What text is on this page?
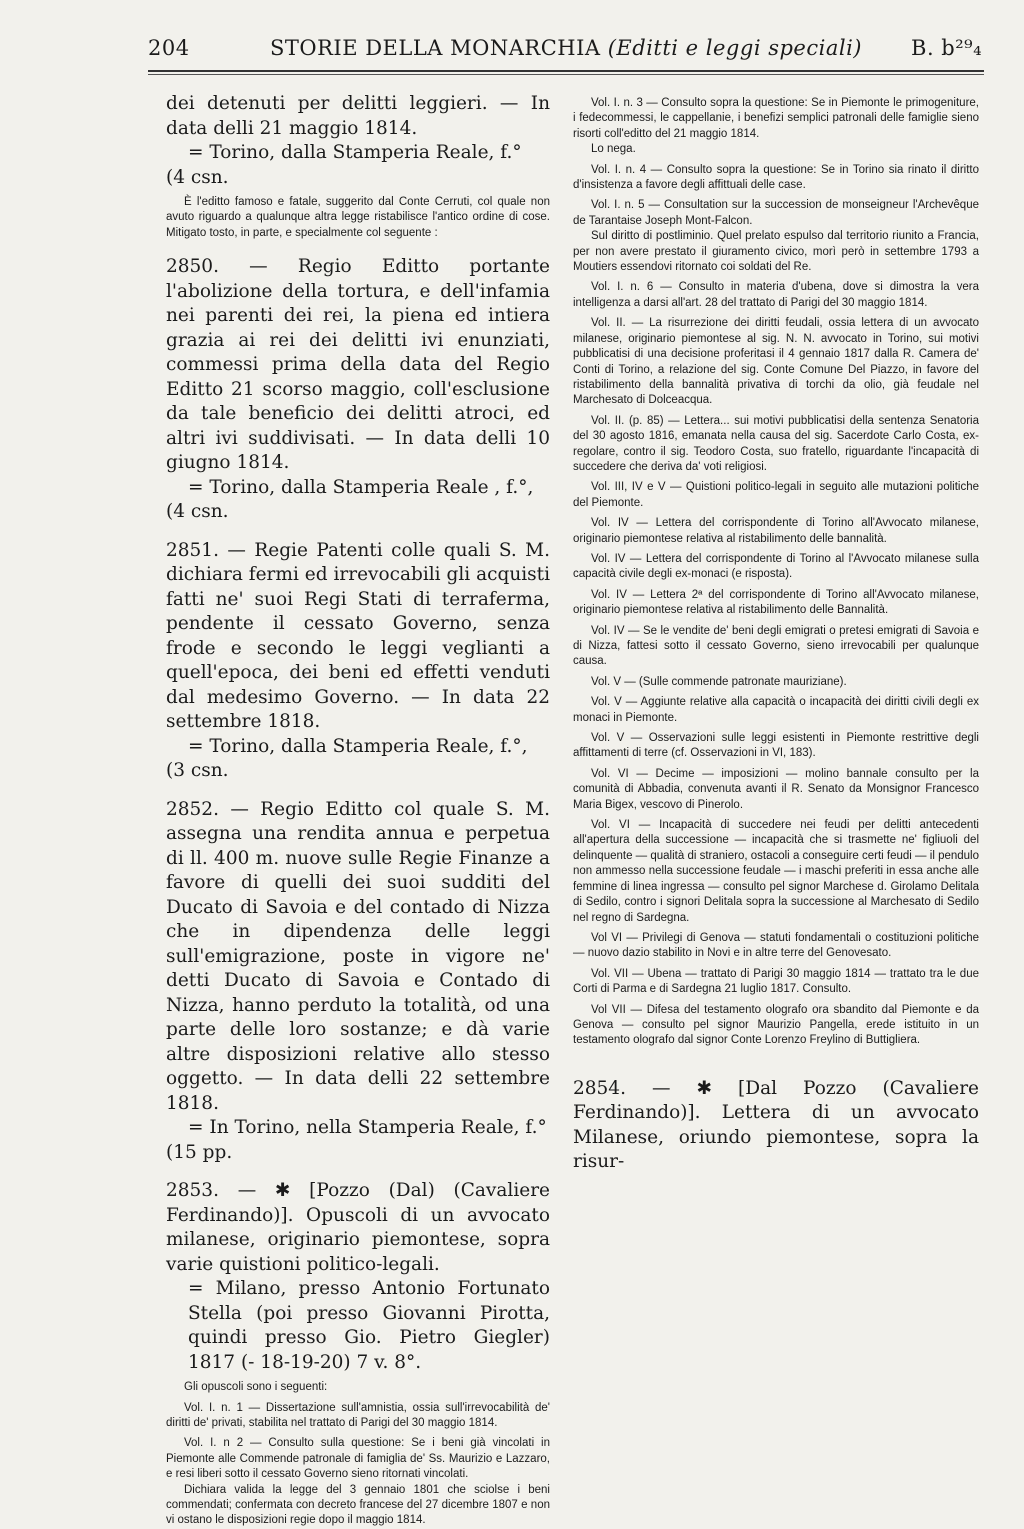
204	STORIE DELLA MONARCHIA (Editti e leggi speciali) B. b²⁹₄

dei detenuti per delitti leggieri. — In data delli 21 maggio 1814.

= Torino, dalla Stamperia Reale, f.°

(4 csn.

È l'editto famoso e fatale, suggerito dal Conte Cerruti, col quale non avuto riguardo a qualunque altra legge ristabilisce l'antico ordine di cose. Mitigato tosto, in parte, e specialmente col seguente :

2850. — Regio Editto portante l'abolizione della tortura, e dell'infamia nei parenti dei rei, la piena ed intiera grazia ai rei dei delitti ivi enunziati, commessi prima della data del Regio Editto 21 scorso maggio, coll'esclusione da tale beneficio dei delitti atroci, ed altri ivi suddivisati. — In data delli 10 giugno 1814.

= Torino, dalla Stamperia Reale , f.°,

(4 csn.

2851. — Regie Patenti colle quali S. M. dichiara fermi ed irrevocabili gli acquisti fatti ne' suoi Regi Stati di terraferma, pendente il cessato Governo, senza frode e secondo le leggi veglianti a quell'epoca, dei beni ed effetti venduti dal medesimo Governo. — In data 22 settembre 1818.

= Torino, dalla Stamperia Reale, f.°,

(3 csn.

2852. — Regio Editto col quale S. M. assegna una rendita annua e perpetua di ll. 400 m. nuove sulle Regie Finanze a favore di quelli dei suoi sudditi del Ducato di Savoia e del contado di Nizza che in dipendenza delle leggi sull'emigrazione, poste in vigore ne' detti Ducato di Savoia e Contado di Nizza, hanno perduto la totalità, od una parte delle loro sostanze; e dà varie altre disposizioni relative allo stesso oggetto. — In data delli 22 settembre 1818.

= In Torino, nella Stamperia Reale, f.°

(15 pp.

2853. — ✱ [Pozzo (Dal) (Cavaliere Ferdinando)]. Opuscoli di un avvocato milanese, originario piemontese, sopra varie quistioni politico-legali.

= Milano, presso Antonio Fortunato Stella (poi presso Giovanni Pirotta, quindi presso Gio. Pietro Giegler) 1817 (- 18-19-20) 7 v. 8°.

Gli opuscoli sono i seguenti:

Vol. I. n. 1 — Dissertazione sull'amnistia, ossia sull'irrevocabilità de' diritti de' privati, stabilita nel trattato di Parigi del 30 maggio 1814.

Vol. I. n 2 — Consulto sulla questione: Se i beni già vincolati in Piemonte alle Commende patronale di famiglia de' Ss. Maurizio e Lazzaro, e resi liberi sotto il cessato Governo sieno ritornati vincolati.

Dichiara valida la legge del 3 gennaio 1801 che sciolse i beni commendati; confermata con decreto francese del 27 dicembre 1807 e non vi ostano le disposizioni regie dopo il maggio 1814.

Vol. I. n. 3 — Consulto sopra la questione: Se in Piemonte le primogeniture, i fedecommessi, le cappellanie, i benefizi semplici patronali delle famiglie sieno risorti coll'editto del 21 maggio 1814.

Lo nega.

Vol. I. n. 4 — Consulto sopra la questione: Se in Torino sia rinato il diritto d'insistenza a favore degli affittuali delle case.

Vol. I. n. 5 — Consultation sur la succession de monseigneur l'Archevêque de Tarantaise Joseph Mont-Falcon.

Sul diritto di postliminio. Quel prelato espulso dal territorio riunito a Francia, per non avere prestato il giuramento civico, morì però in settembre 1793 a Moutiers essendovi ritornato coi soldati del Re.

Vol. I. n. 6 — Consulto in materia d'ubena, dove si dimostra la vera intelligenza a darsi all'art. 28 del trattato di Parigi del 30 maggio 1814.

Vol. II. — La risurrezione dei diritti feudali, ossia lettera di un avvocato milanese, originario piemontese al sig. N. N. avvocato in Torino, sui motivi pubblicatisi di una decisione proferitasi il 4 gennaio 1817 dalla R. Camera de' Conti di Torino, a relazione del sig. Conte Comune Del Piazzo, in favore del ristabilimento della bannalità privativa di torchi da olio, già feudale nel Marchesato di Dolceacqua.

Vol. II. (p. 85) — Lettera... sui motivi pubblicatisi della sentenza Senatoria del 30 agosto 1816, emanata nella causa del sig. Sacerdote Carlo Costa, ex-regolare, contro il sig. Teodoro Costa, suo fratello, riguardante l'incapacità di succedere che deriva da' voti religiosi.

Vol. III, IV e V — Quistioni politico-legali in seguito alle mutazioni politiche del Piemonte.

Vol. IV — Lettera del corrispondente di Torino all'Avvocato milanese, originario piemontese relativa al ristabilimento delle bannalità.

Vol. IV — Lettera del corrispondente di Torino al l'Avvocato milanese sulla capacità civile degli ex-monaci (e risposta).

Vol. IV — Lettera 2ª del corrispondente di Torino all'Avvocato milanese, originario piemontese relativa al ristabilimento delle Bannalità.

Vol. IV — Se le vendite de' beni degli emigrati o pretesi emigrati di Savoia e di Nizza, fattesi sotto il cessato Governo, sieno irrevocabili per qualunque causa.

Vol. V — (Sulle commende patronate mauriziane).

Vol. V — Aggiunte relative alla capacità o incapacità dei diritti civili degli ex monaci in Piemonte.

Vol. V — Osservazioni sulle leggi esistenti in Piemonte restrittive degli affittamenti di terre (cf. Osservazioni in VI, 183).

Vol. VI — Decime — imposizioni — molino bannale consulto per la comunità di Abbadia, convenuta avanti il R. Senato da Monsignor Francesco Maria Bigex, vescovo di Pinerolo.

Vol. VI — Incapacità di succedere nei feudi per delitti antecedenti all'apertura della successione — incapacità che si trasmette ne' figliuoli del delinquente — qualità di straniero, ostacoli a conseguire certi feudi — il pendulo non ammesso nella successione feudale — i maschi preferiti in essa anche alle femmine di linea ingressa — consulto pel signor Marchese d. Girolamo Delitala di Sedilo, contro i signori Delitala sopra la successione al Marchesato di Sedilo nel regno di Sardegna.

Vol VI — Privilegi di Genova — statuti fondamentali o costituzioni politiche — nuovo dazio stabilito in Novi e in altre terre del Genovesato.

Vol. VII — Ubena — trattato di Parigi 30 maggio 1814 — trattato tra le due Corti di Parma e di Sardegna 21 luglio 1817. Consulto.

Vol VII — Difesa del testamento olografo ora sbandito dal Piemonte e da Genova — consulto pel signor Maurizio Pangella, erede istituito in un testamento olografo dal signor Conte Lorenzo Freylino di Buttigliera.

2854. — ✱ [Dal Pozzo (Cavaliere Ferdinando)]. Lettera di un avvocato Milanese, oriundo piemontese, sopra la risur-
